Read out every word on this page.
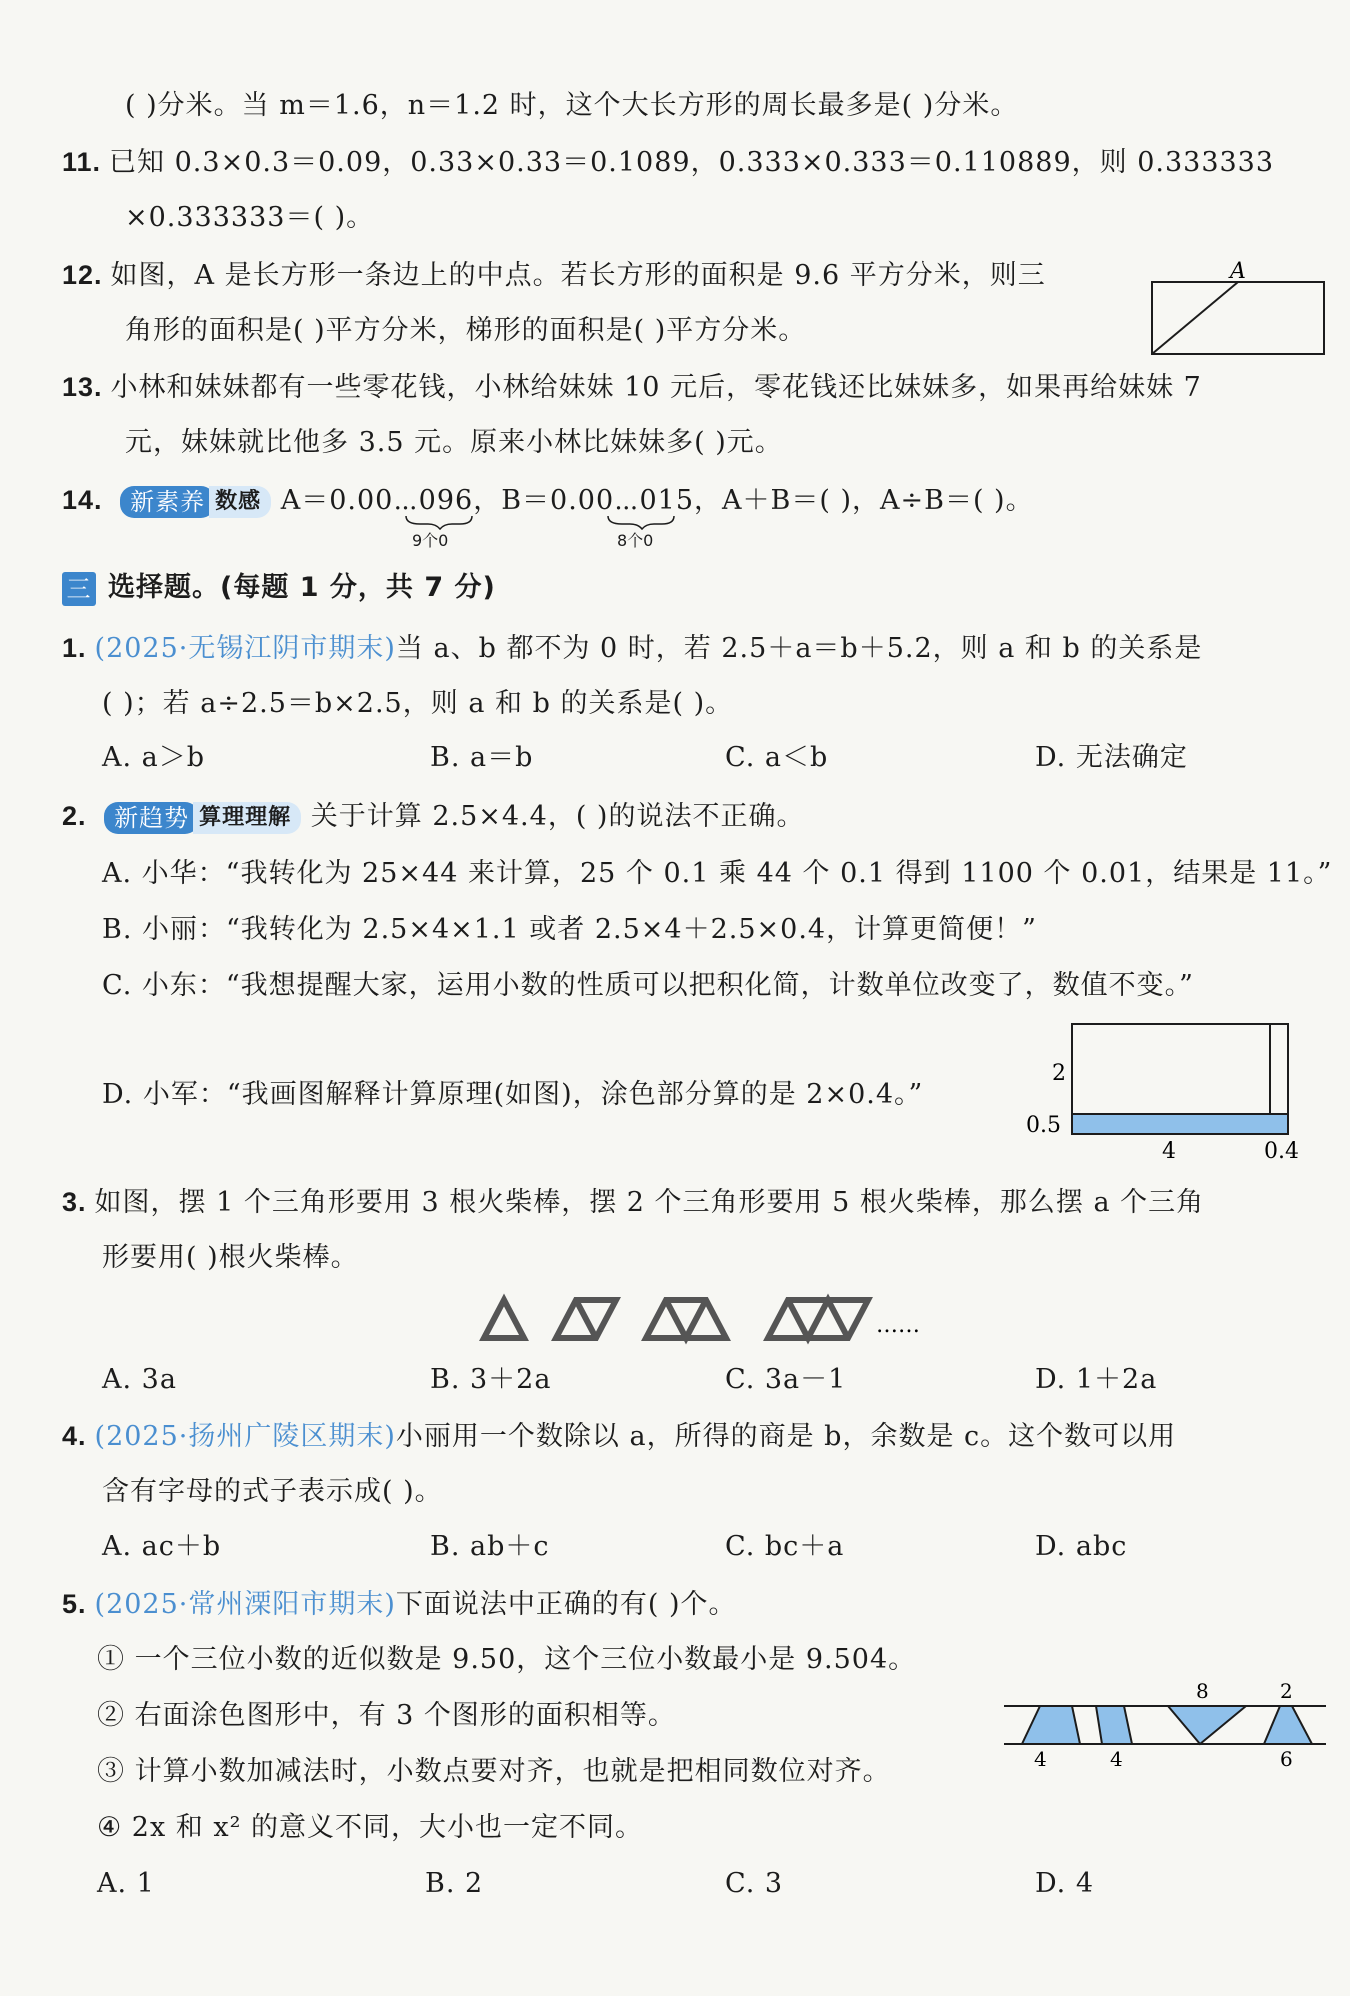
( )分米。当 m＝1.6，n＝1.2 时，这个大长方形的周长最多是( )分米。
11. 已知 0.3×0.3＝0.09，0.33×0.33＝0.1089，0.333×0.333＝0.110889，则 0.333333
×0.333333＝( )。
12. 如图，A 是长方形一条边上的中点。若长方形的面积是 9.6 平方分米，则三
角形的面积是( )平方分米，梯形的面积是( )平方分米。
A
13. 小林和妹妹都有一些零花钱，小林给妹妹 10 元后，零花钱还比妹妹多，如果再给妹妹 7
元，妹妹就比他多 3.5 元。原来小林比妹妹多( )元。
14. 新素养 数感 A＝0.00⋯096，B＝0.00⋯015，A＋B＝( )，A÷B＝( )。
9个0	8个0
三 选择题。(每题 1 分，共 7 分)
1. (2025·无锡江阴市期末)当 a、b 都不为 0 时，若 2.5＋a＝b＋5.2，则 a 和 b 的关系是
( )；若 a÷2.5＝b×2.5，则 a 和 b 的关系是( )。
A. a＞b	B. a＝b	C. a＜b	D. 无法确定
2. 新趋势 算理理解 关于计算 2.5×4.4，( )的说法不正确。
A. 小华：“我转化为 25×44 来计算，25 个 0.1 乘 44 个 0.1 得到 1100 个 0.01，结果是 11。”
B. 小丽：“我转化为 2.5×4×1.1 或者 2.5×4＋2.5×0.4，计算更简便！”
C. 小东：“我想提醒大家，运用小数的性质可以把积化简，计数单位改变了，数值不变。”
D. 小军：“我画图解释计算原理(如图)，涂色部分算的是 2×0.4。”
2
0.5
4	0.4
3. 如图，摆 1 个三角形要用 3 根火柴棒，摆 2 个三角形要用 5 根火柴棒，那么摆 a 个三角
形要用( )根火柴棒。
……
A. 3a	B. 3＋2a	C. 3a－1	D. 1＋2a
4. (2025·扬州广陵区期末)小丽用一个数除以 a，所得的商是 b，余数是 c。这个数可以用
含有字母的式子表示成( )。
A. ac＋b	B. ab＋c	C. bc＋a	D. abc
5. (2025·常州溧阳市期末)下面说法中正确的有( )个。
① 一个三位小数的近似数是 9.50，这个三位小数最小是 9.504。
② 右面涂色图形中，有 3 个图形的面积相等。
③ 计算小数加减法时，小数点要对齐，也就是把相同数位对齐。
④ 2x 和 x² 的意义不同，大小也一定不同。
8	2
4	4	6
A. 1	B. 2	C. 3	D. 4
